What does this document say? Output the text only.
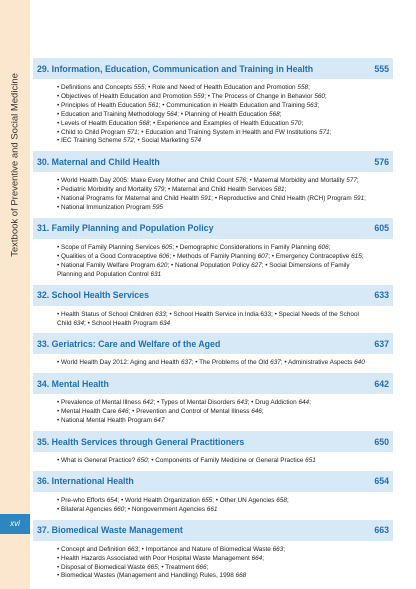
Textbook of Preventive and Social Medicine
xvi
29. Information, Education, Communication and Training in Health	555
• Definitions and Concepts 555; • Role and Need of Health Education and Promotion 558;
• Objectives of Health Education and Promotion 559; • The Process of Change in Behavior 560;
• Principles of Health Education 561; • Communication in Health Education and Training 563;
• Education and Training Methodology 564; • Planning of Health Education 568;
• Levels of Health Education 568; • Experience and Examples of Health Education 570;
• Child to Child Program 571; • Education and Training System in Health and FW Institutions 571;
• IEC Training Scheme 572; • Social Marketing 574
30. Maternal and Child Health	576
• World Health Day 2005: Make Every Mother and Child Count 576; • Maternal Morbidity and Mortality 577;
• Pediatric Morbidity and Mortality 579; • Maternal and Child Health Services 581;
• National Programs for Maternal and Child Health 591; • Reproductive and Child Health (RCH) Program 591;
• National Immunization Program 595
31. Family Planning and Population Policy	605
• Scope of Family Planning Services 605; • Demographic Considerations in Family Planning 606;
• Qualities of a Good Contraceptive 606; • Methods of Family Planning 607; • Emergency Contraceptive 615;
• National Family Welfare Program 620; • National Population Policy 627; • Social Dimensions of Family
Planning and Population Control 631
32. School Health Services	633
• Health Status of School Children 633; • School Health Service in India 633; • Special Needs of the School
Child 634; • School Health Program 634
33. Geriatrics: Care and Welfare of the Aged	637
• World Health Day 2012: Aging and Health 637; • The Problems of the Old 637; • Administrative Aspects 640
34. Mental Health	642
• Prevalence of Mental Illness 642; • Types of Mental Disorders 643; • Drug Addiction 644;
• Mental Health Care 646; • Prevention and Control of Mental Illness 646;
• National Mental Health Program 647
35. Health Services through General Practitioners	650
• What is General Practice? 650; • Components of Family Medicine or General Practice 651
36. International Health	654
• Pre-who Efforts 654; • World Health Organization 655; • Other UN Agencies 658;
• Bilateral Agencies 660; • Nongovernment Agencies 661
37. Biomedical Waste Management	663
• Concept and Definition 663; • Importance and Nature of Biomedical Waste 663;
• Health Hazards Associated with Poor Hospital Waste Management 664;
• Disposal of Biomedical Waste 665; • Treatment 666;
• Biomedical Wastes (Management and Handling) Rules, 1998 668
